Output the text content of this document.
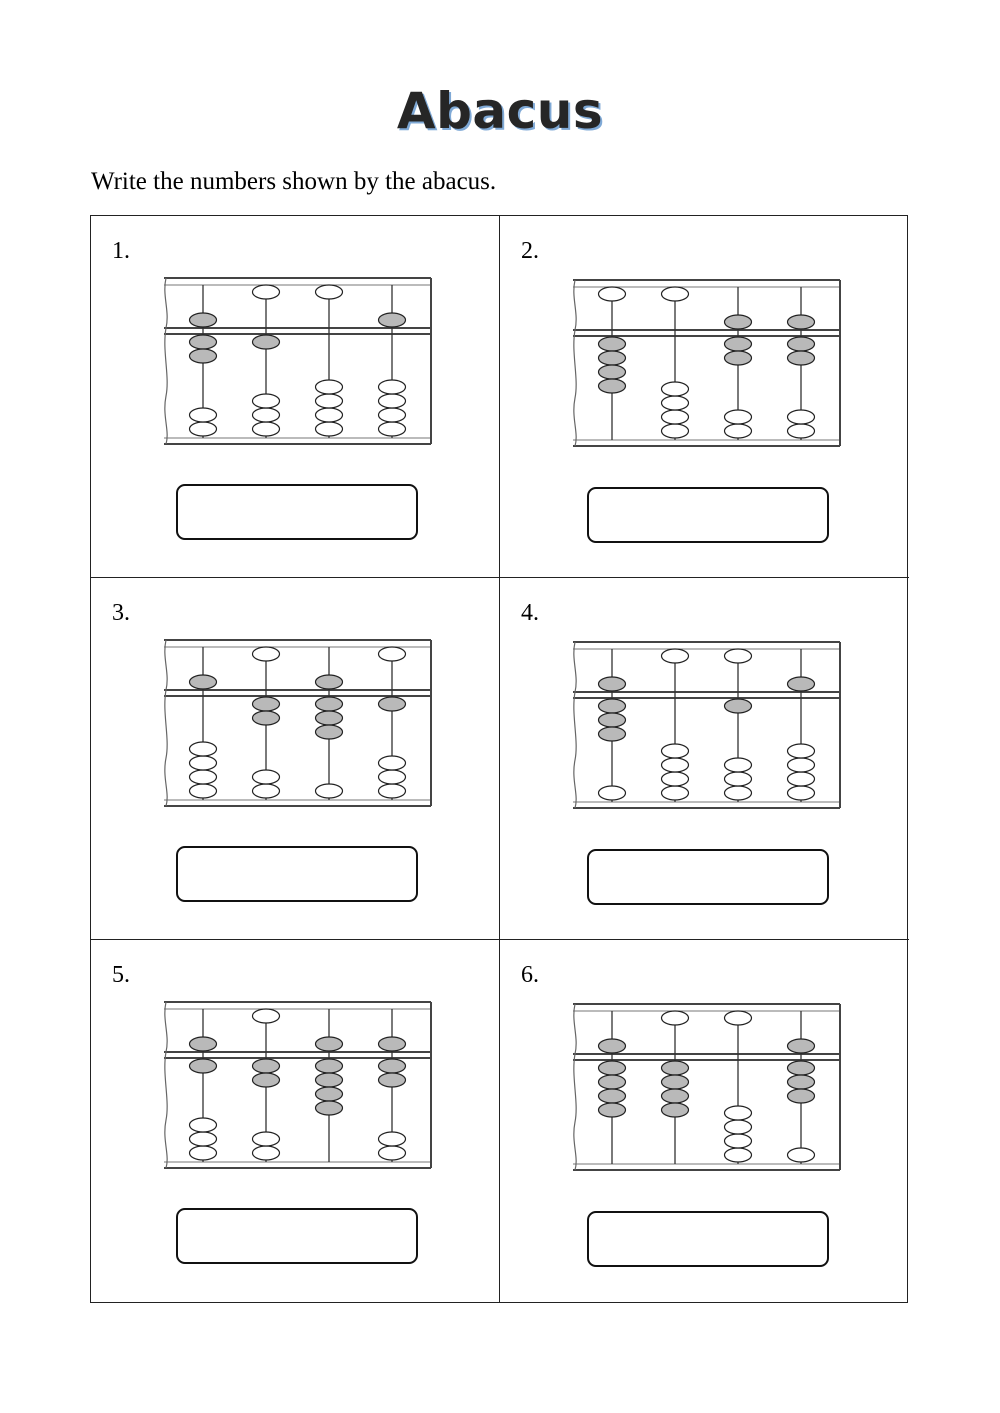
Abacus
Write the numbers shown by the abacus.
1.	2.
3.	4.
5.	6.
